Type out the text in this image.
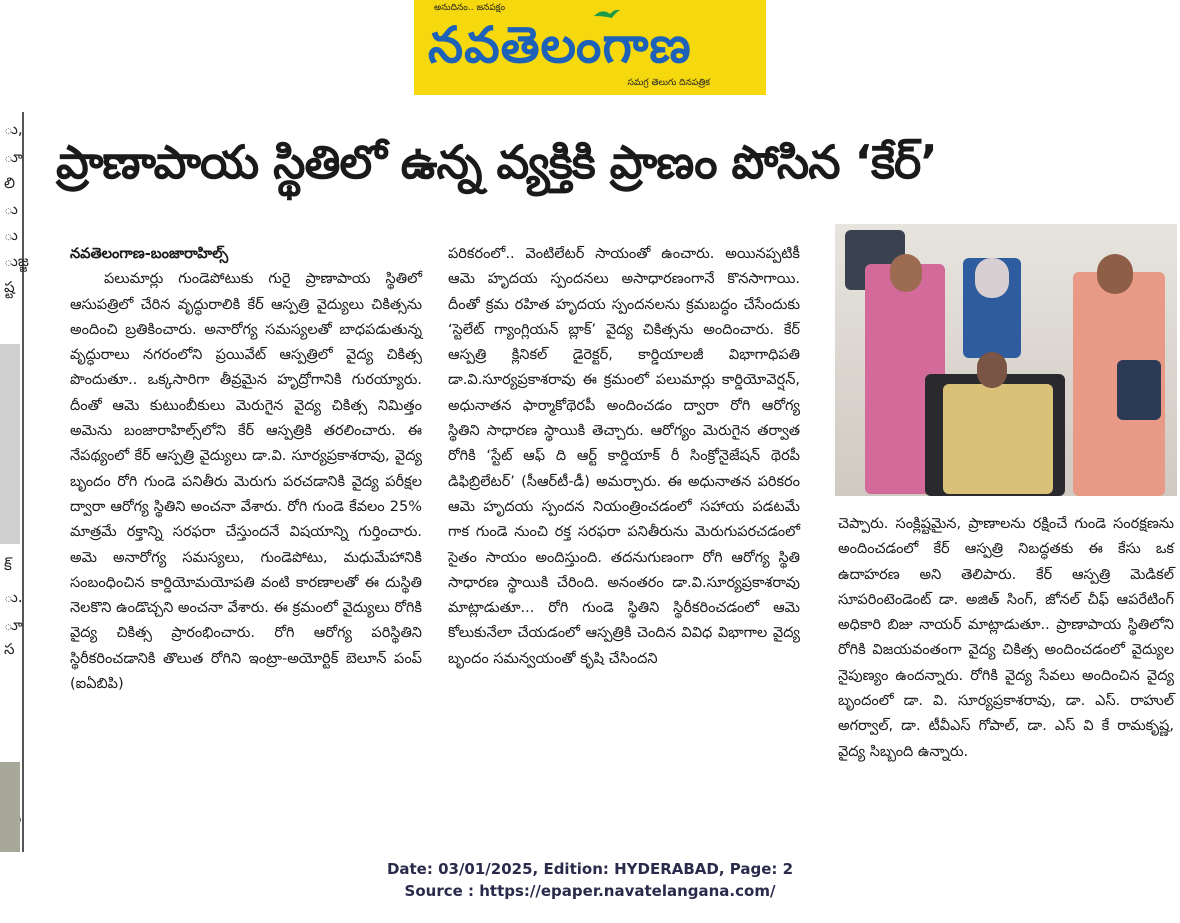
అనుదినం.. జనపక్షం
నవతెలంగాణ
సమగ్ర తెలుగు దినపత్రిక
ు,
ూ
లి
ు
ు
ుజ్జ
ష్ట
క్
ు.
ూ
స
ప్రాణాపాయ స్థితిలో ఉన్న వ్యక్తికి ప్రాణం పోసిన ‘కేర్’
నవతెలంగాణ-బంజారాహిల్స్

పలుమార్లు గుండెపోటుకు గురై ప్రాణాపాయ స్థితిలో ఆసుపత్రిలో చేరిన వృద్ధురాలికి కేర్ ఆస్పత్రి వైద్యులు చికిత్సను అందించి బ్రతికించారు. అనారోగ్య సమస్యలతో బాధపడుతున్న వృద్ధురాలు నగరంలోని ప్రయివేట్ ఆస్పత్రిలో వైద్య చికిత్స పొందుతూ.. ఒక్కసారిగా తీవ్రమైన హృద్రోగానికి గురయ్యారు. దీంతో ఆమె కుటుంబీకులు మెరుగైన వైద్య చికిత్స నిమిత్తం అమెను బంజారాహిల్స్‌లోని కేర్ ఆస్పత్రికి తరలించారు. ఈ నేపథ్యంలో కేర్ ఆస్పత్రి వైద్యులు డా.వి. సూర్యప్రకాశరావు, వైద్య బృందం రోగి గుండె పనితీరు మెరుగు పరచడానికి వైద్య పరీక్షల ద్వారా ఆరోగ్య స్థితిని అంచనా వేశారు. రోగి గుండె కేవలం 25% మాత్రమే రక్తాన్ని సరఫరా చేస్తుందనే విషయాన్ని గుర్తించారు. అమె అనారోగ్య సమస్యలు, గుండెపోటు, మధుమేహానికి సంబంధించిన కార్డియోమయోపతి వంటి కారణాలతో ఈ దుస్థితి నెలకొని ఉండొచ్చని అంచనా వేశారు. ఈ క్రమంలో వైద్యులు రోగికి వైద్య చికిత్స ప్రారంభించారు. రోగి ఆరోగ్య పరిస్థితిని స్థిరీకరించడానికి తొలుత రోగిని ఇంట్రా-అయోర్టిక్ బెలూన్ పంప్ (ఐఏబిపి)

పరికరంలో.. వెంటిలేటర్ సాయంతో ఉంచారు. అయినప్పటికీ ఆమె హృదయ స్పందనలు అసాధారణంగానే కొనసాగాయి. దీంతో క్రమ రహిత హృదయ స్పందనలను క్రమబద్ధం చేసేందుకు ‘స్టెలేట్ గ్యాంగ్లియన్ బ్లాక్’ వైద్య చికిత్సను అందించారు. కేర్ ఆస్పత్రి క్లినికల్ డైరెక్టర్, కార్డియాలజీ విభాగాధిపతి డా.వి.సూర్యప్రకాశరావు ఈ క్రమంలో పలుమార్లు కార్డియోవెర్షన్, అధునాతన ఫార్మాకోథెరపీ అందించడం ద్వారా రోగి ఆరోగ్య స్థితిని సాధారణ స్థాయికి తెచ్చారు. ఆరోగ్యం మెరుగైన తర్వాత రోగికి ‘స్టేట్ ఆఫ్ ది ఆర్ట్ కార్డియాక్ రీ సింక్రోనైజేషన్ థెరపీ డిఫిబ్రిలేటర్’ (సీఆర్‌టీ-డీ) అమర్చారు. ఈ అధునాతన పరికరం ఆమె హృదయ స్పందన నియంత్రించడంలో సహాయ పడటమే గాక గుండె నుంచి రక్త సరఫరా పనితీరును మెరుగుపరచడంలో సైతం సాయం అందిస్తుంది. తదనుగుణంగా రోగి ఆరోగ్య స్థితి సాధారణ స్థాయికి చేరింది. అనంతరం డా.వి.సూర్యప్రకాశరావు మాట్లాడుతూ... రోగి గుండె స్థితిని స్థిరీకరించడంలో ఆమె కోలుకునేలా చేయడంలో ఆస్పత్రికి చెందిన వివిధ విభాగాల వైద్య బృందం సమన్వయంతో కృషి చేసిందని

చెప్పారు. సంక్లిష్టమైన, ప్రాణాలను రక్షించే గుండె సంరక్షణను అందించడంలో కేర్ ఆస్పత్రి నిబద్ధతకు ఈ కేసు ఒక ఉదాహరణ అని తెలిపారు. కేర్ ఆస్పత్రి మెడికల్ సూపరింటెండెంట్ డా. అజిత్ సింగ్, జోనల్ చీఫ్ ఆపరేటింగ్ అధికారి బిజు నాయర్ మాట్లాడుతూ.. ప్రాణాపాయ స్థితిలోని రోగికి విజయవంతంగా వైద్య చికిత్స అందించడంలో వైద్యుల నైపుణ్యం ఉందన్నారు. రోగికి వైద్య సేవలు అందించిన వైద్య బృందంలో డా. వి. సూర్యప్రకాశరావు, డా. ఎస్. రాహుల్ అగర్వాల్, డా. టీవీఎస్ గోపాల్, డా. ఎస్ వి కే రామకృష్ణ, వైద్య సిబ్బంది ఉన్నారు.

Date: 03/01/2025, Edition: HYDERABAD, Page: 2
Source : https://epaper.navatelangana.com/
